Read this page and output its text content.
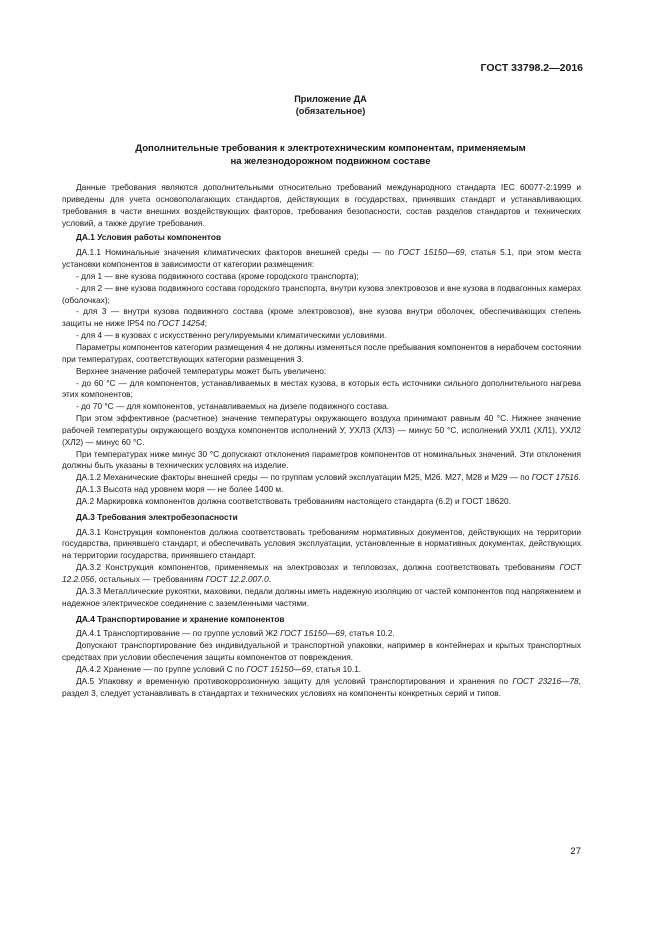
ГОСТ 33798.2—2016
Приложение ДА
(обязательное)
Дополнительные требования к электротехническим компонентам, применяемым
на железнодорожном подвижном составе

Данные требования являются дополнительными относительно требований международного стандарта IEC 60077-2:1999 и приведены для учета основополагающих стандартов, действующих в государствах, принявших стандарт и устанавливающих требования в части внешних воздействующих факторов, требования безопасности, состав разделов стандартов и технических условий, а также другие требования.

ДА.1 Условия работы компонентов

ДА.1.1 Номинальные значения климатических факторов внешней среды — по ГОСТ 15150—69, статья 5.1, при этом места установки компонентов в зависимости от категории размещения:

- для 1 — вне кузова подвижного состава (кроме городского транспорта);

- для 2 — вне кузова подвижного состава городского транспорта, внутри кузова электровозов и вне кузова в подвагонных камерах (оболочках);

- для 3 — внутри кузова подвижного состава (кроме электровозов), вне кузова внутри оболочек, обеспечивающих степень защиты не ниже IP54 по ГОСТ 14254;

- для 4 — в кузовах с искусственно регулируемыми климатическими условиями.

Параметры компонентов категории размещения 4 не должны изменяться после пребывания компонентов в нерабочем состоянии при температурах, соответствующих категории размещения 3.

Верхнее значение рабочей температуры может быть увеличено:

- до 60 °С — для компонентов, устанавливаемых в местах кузова, в которых есть источники сильного дополнительного нагрева этих компонентов;

- до 70 °С — для компонентов, устанавливаемых на дизеле подвижного состава.

При этом эффективное (расчетное) значение температуры окружающего воздуха принимают равным 40 °С. Нижнее значение рабочей температуры окружающего воздуха компонентов исполнений У, УХЛЗ (ХЛЗ) — минус 50 °С, исполнений УХЛ1 (ХЛ1), УХЛ2 (ХЛ2) — минус 60 °С.

При температурах ниже минус 30 °С допускают отклонения параметров компонентов от номинальных значений. Эти отклонения должны быть указаны в технических условиях на изделие.

ДА.1.2 Механические факторы внешней среды — по группам условий эксплуатации М25, М26. М27, М28 и М29 — по ГОСТ 17516.

ДА.1.3 Высота над уровнем моря — не более 1400 м.

ДА.2 Маркировка компонентов должна соответствовать требованиям настоящего стандарта (6.2) и ГОСТ 18620.

ДА.3 Требования электробезопасности

ДА.3.1 Конструкция компонентов должна соответствовать требованиям нормативных документов, действующих на территории государства, принявшего стандарт, и обеспечивать условия эксплуатации, установленные в нормативных документах, действующих на территории государства, принявшего стандарт.

ДА.3.2 Конструкция компонентов, применяемых на электровозах и тепловозах, должна соответствовать требованиям ГОСТ 12.2.056, остальных — требованиям ГОСТ 12.2.007.0.

ДА.3.3 Металлические рукоятки, маховики, педали должны иметь надежную изоляцию от частей компонентов под напряжением и надежное электрическое соединение с заземленными частями.

ДА.4 Транспортирование и хранение компонентов

ДА.4.1 Транспортирование — по группе условий Ж2 ГОСТ 15150—69, статья 10.2.

Допускают транспортирование без индивидуальной и транспортной упаковки, например в контейнерах и крытых транспортных средствах при условии обеспечения защиты компонентов от повреждения.

ДА.4.2 Хранение — по группе условий С по ГОСТ 15150—69, статья 10.1.

ДА.5 Упаковку и временную противокоррозионную защиту для условий транспортирования и хранения по ГОСТ 23216—78, раздел 3, следует устанавливать в стандартах и технических условиях на компоненты конкретных серий и типов.

27
